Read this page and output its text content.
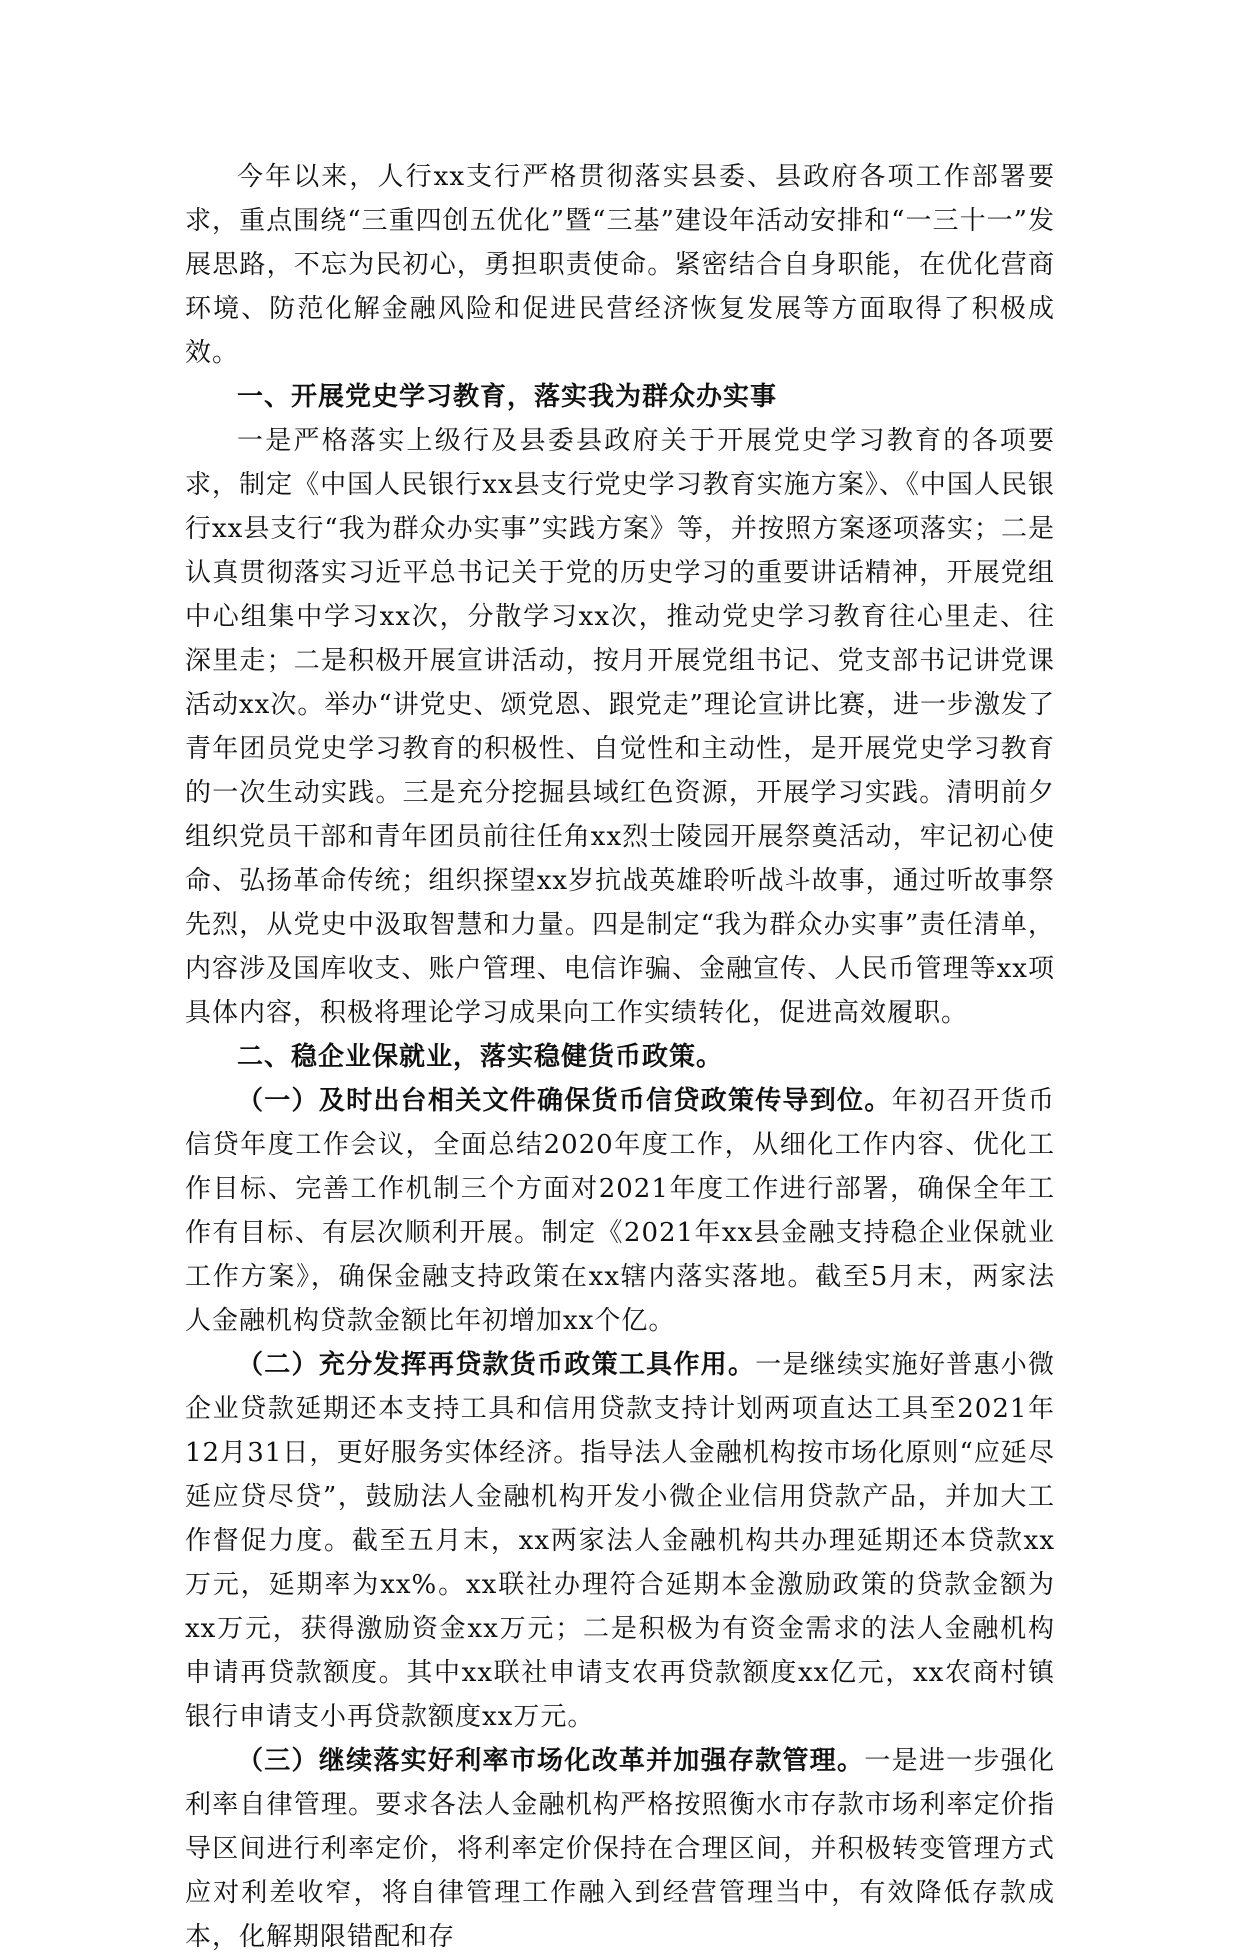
今年以来，人行xx支行严格贯彻落实县委、县政府各项工作部署要求，重点围绕“三重四创五优化”暨“三基”建设年活动安排和“一三十一”发展思路，不忘为民初心，勇担职责使命。紧密结合自身职能，在优化营商环境、防范化解金融风险和促进民营经济恢复发展等方面取得了积极成效。

一、开展党史学习教育，落实我为群众办实事

一是严格落实上级行及县委县政府关于开展党史学习教育的各项要求，制定《中国人民银行xx县支行党史学习教育实施方案》、《中国人民银行xx县支行“我为群众办实事”实践方案》等，并按照方案逐项落实；二是认真贯彻落实习近平总书记关于党的历史学习的重要讲话精神，开展党组中心组集中学习xx次，分散学习xx次，推动党史学习教育往心里走、往深里走；二是积极开展宣讲活动，按月开展党组书记、党支部书记讲党课活动xx次。举办“讲党史、颂党恩、跟党走”理论宣讲比赛，进一步激发了青年团员党史学习教育的积极性、自觉性和主动性，是开展党史学习教育的一次生动实践。三是充分挖掘县域红色资源，开展学习实践。清明前夕组织党员干部和青年团员前往任角xx烈士陵园开展祭奠活动，牢记初心使命、弘扬革命传统；组织探望xx岁抗战英雄聆听战斗故事，通过听故事祭先烈，从党史中汲取智慧和力量。四是制定“我为群众办实事”责任清单，内容涉及国库收支、账户管理、电信诈骗、金融宣传、人民币管理等xx项具体内容，积极将理论学习成果向工作实绩转化，促进高效履职。

二、稳企业保就业，落实稳健货币政策。

（一）及时出台相关文件确保货币信贷政策传导到位。年初召开货币信贷年度工作会议，全面总结2020年度工作，从细化工作内容、优化工作目标、完善工作机制三个方面对2021年度工作进行部署，确保全年工作有目标、有层次顺利开展。制定《2021年xx县金融支持稳企业保就业工作方案》，确保金融支持政策在xx辖内落实落地。截至5月末，两家法人金融机构贷款金额比年初增加xx个亿。

（二）充分发挥再贷款货币政策工具作用。一是继续实施好普惠小微企业贷款延期还本支持工具和信用贷款支持计划两项直达工具至2021年12月31日，更好服务实体经济。指导法人金融机构按市场化原则“应延尽延应贷尽贷”，鼓励法人金融机构开发小微企业信用贷款产品，并加大工作督促力度。截至五月末，xx两家法人金融机构共办理延期还本贷款xx万元，延期率为xx%。xx联社办理符合延期本金激励政策的贷款金额为xx万元，获得激励资金xx万元；二是积极为有资金需求的法人金融机构申请再贷款额度。其中xx联社申请支农再贷款额度xx亿元，xx农商村镇银行申请支小再贷款额度xx万元。

（三）继续落实好利率市场化改革并加强存款管理。一是进一步强化利率自律管理。要求各法人金融机构严格按照衡水市存款市场利率定价指导区间进行利率定价，将利率定价保持在合理区间，并积极转变管理方式应对利差收窄，将自律管理工作融入到经营管理当中，有效降低存款成本，化解期限错配和存
